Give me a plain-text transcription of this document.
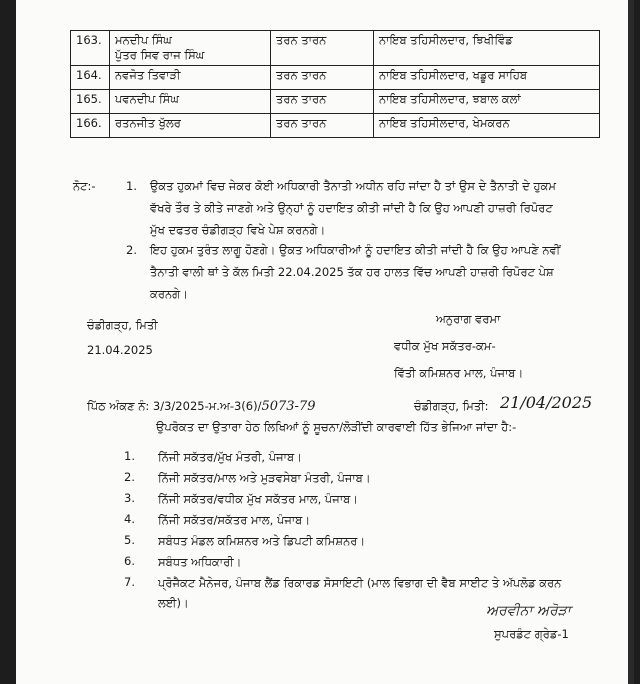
163.	ਮਨਦੀਪ ਸਿੰਘ
ਪੁੱਤਰ ਸਿਵ ਰਾਜ ਸਿੰਘ	ਤਰਨ ਤਾਰਨ	ਨਾਇਬ ਤਹਿਸੀਲਦਾਰ, ਝਿਖੀਵਿੰਡ
164.	ਨਵਜੋਤ ਤਿਵਾੜੀ	ਤਰਨ ਤਾਰਨ	ਨਾਇਬ ਤਹਿਸੀਲਦਾਰ, ਖਡੂਰ ਸਾਹਿਬ
165.	ਪਵਨਦੀਪ ਸਿੰਘ	ਤਰਨ ਤਾਰਨ	ਨਾਇਬ ਤਹਿਸੀਲਦਾਰ, ਝਬਾਲ ਕਲਾਂ
166.	ਰਤਨਜੀਤ ਖੁੱਲਰ	ਤਰਨ ਤਾਰਨ	ਨਾਇਬ ਤਹਿਸੀਲਦਾਰ, ਖੇਮਕਰਨ
ਨੋਟ:-	1. ਉਕਤ ਹੁਕਮਾਂ ਵਿਚ ਜੇਕਰ ਕੋਈ ਅਧਿਕਾਰੀ ਤੈਨਾਤੀ ਅਧੀਨ ਰਹਿ ਜਾਂਦਾ ਹੈ ਤਾਂ ਉਸ ਦੇ ਤੈਨਾਤੀ ਦੇ ਹੁਕਮ
ਵੱਖਰੇ ਤੌਰ ਤੇ ਕੀਤੇ ਜਾਣਗੇ ਅਤੇ ਉਨ੍ਹਾਂ ਨੂੰ ਹਦਾਇਤ ਕੀਤੀ ਜਾਂਦੀ ਹੈ ਕਿ ਉਹ ਆਪਣੀ ਹਾਜ਼ਰੀ ਰਿਪੋਰਟ
ਮੁੱਖ ਦਫਤਰ ਚੰਡੀਗੜ੍ਹ ਵਿਖੇ ਪੇਸ਼ ਕਰਨਗੇ।
2. ਇਹ ਹੁਕਮ ਤੁਰੰਤ ਲਾਗੂ ਹੋਣਗੇ। ਉਕਤ ਅਧਿਕਾਰੀਆਂ ਨੂੰ ਹਦਾਇਤ ਕੀਤੀ ਜਾਂਦੀ ਹੈ ਕਿ ਉਹ ਆਪਣੇ ਨਵੀਂ
ਤੈਨਾਤੀ ਵਾਲੀ ਥਾਂ ਤੇ ਕੱਲ ਮਿਤੀ 22.04.2025 ਤੱਕ ਹਰ ਹਾਲਤ ਵਿੱਚ ਆਪਣੀ ਹਾਜ਼ਰੀ ਰਿਪੋਰਟ ਪੇਸ਼
ਕਰਨਗੇ।
ਚੰਡੀਗੜ੍ਹ, ਮਿਤੀ
21.04.2025
ਅਨੁਰਾਗ ਵਰਮਾ
ਵਧੀਕ ਮੁੱਖ ਸਕੱਤਰ-ਕਮ-
ਵਿੱਤੀ ਕਮਿਸ਼ਨਰ ਮਾਲ, ਪੰਜਾਬ।
ਪਿੱਠ ਅੰਕਣ ਨੰ: 3/3/2025-ਮ.ਅ-3(6)/5073-79	ਚੰਡੀਗੜ੍ਹ, ਮਿਤੀ: 21/04/2025
ਉਪਰੋਕਤ ਦਾ ਉਤਾਰਾ ਹੇਠ ਲਿਖਿਆਂ ਨੂੰ ਸੂਚਨਾ/ਲੋੜੀਂਦੀ ਕਾਰਵਾਈ ਹਿੱਤ ਭੇਜਿਆ ਜਾਂਦਾ ਹੈ:-
1. ਨਿੱਜੀ ਸਕੱਤਰ/ਮੁੱਖ ਮੰਤਰੀ, ਪੰਜਾਬ।
2. ਨਿੱਜੀ ਸਕੱਤਰ/ਮਾਲ ਅਤੇ ਮੁੜਵਸੇਬਾ ਮੰਤਰੀ, ਪੰਜਾਬ।
3. ਨਿੱਜੀ ਸਕੱਤਰ/ਵਧੀਕ ਮੁੱਖ ਸਕੱਤਰ ਮਾਲ, ਪੰਜਾਬ।
4. ਨਿੱਜੀ ਸਕੱਤਰ/ਸਕੱਤਰ ਮਾਲ, ਪੰਜਾਬ।
5. ਸਬੰਧਤ ਮੰਡਲ ਕਮਿਸ਼ਨਰ ਅਤੇ ਡਿਪਟੀ ਕਮਿਸ਼ਨਰ।
6. ਸਬੰਧਤ ਅਧਿਕਾਰੀ।
7. ਪ੍ਰੋਜੈਕਟ ਮੈਨੇਜਰ, ਪੰਜਾਬ ਲੈਂਡ ਰਿਕਾਰਡ ਸੋਸਾਇਟੀ (ਮਾਲ ਵਿਭਾਗ ਦੀ ਵੈਬ ਸਾਈਟ ਤੇ ਅੱਪਲੋਡ ਕਰਨ
ਲਈ)।	ਅਰਵੀਨਾ ਅਰੋੜਾ
ਸੁਪਰਡੰਟ ਗ੍ਰੇਡ-1
